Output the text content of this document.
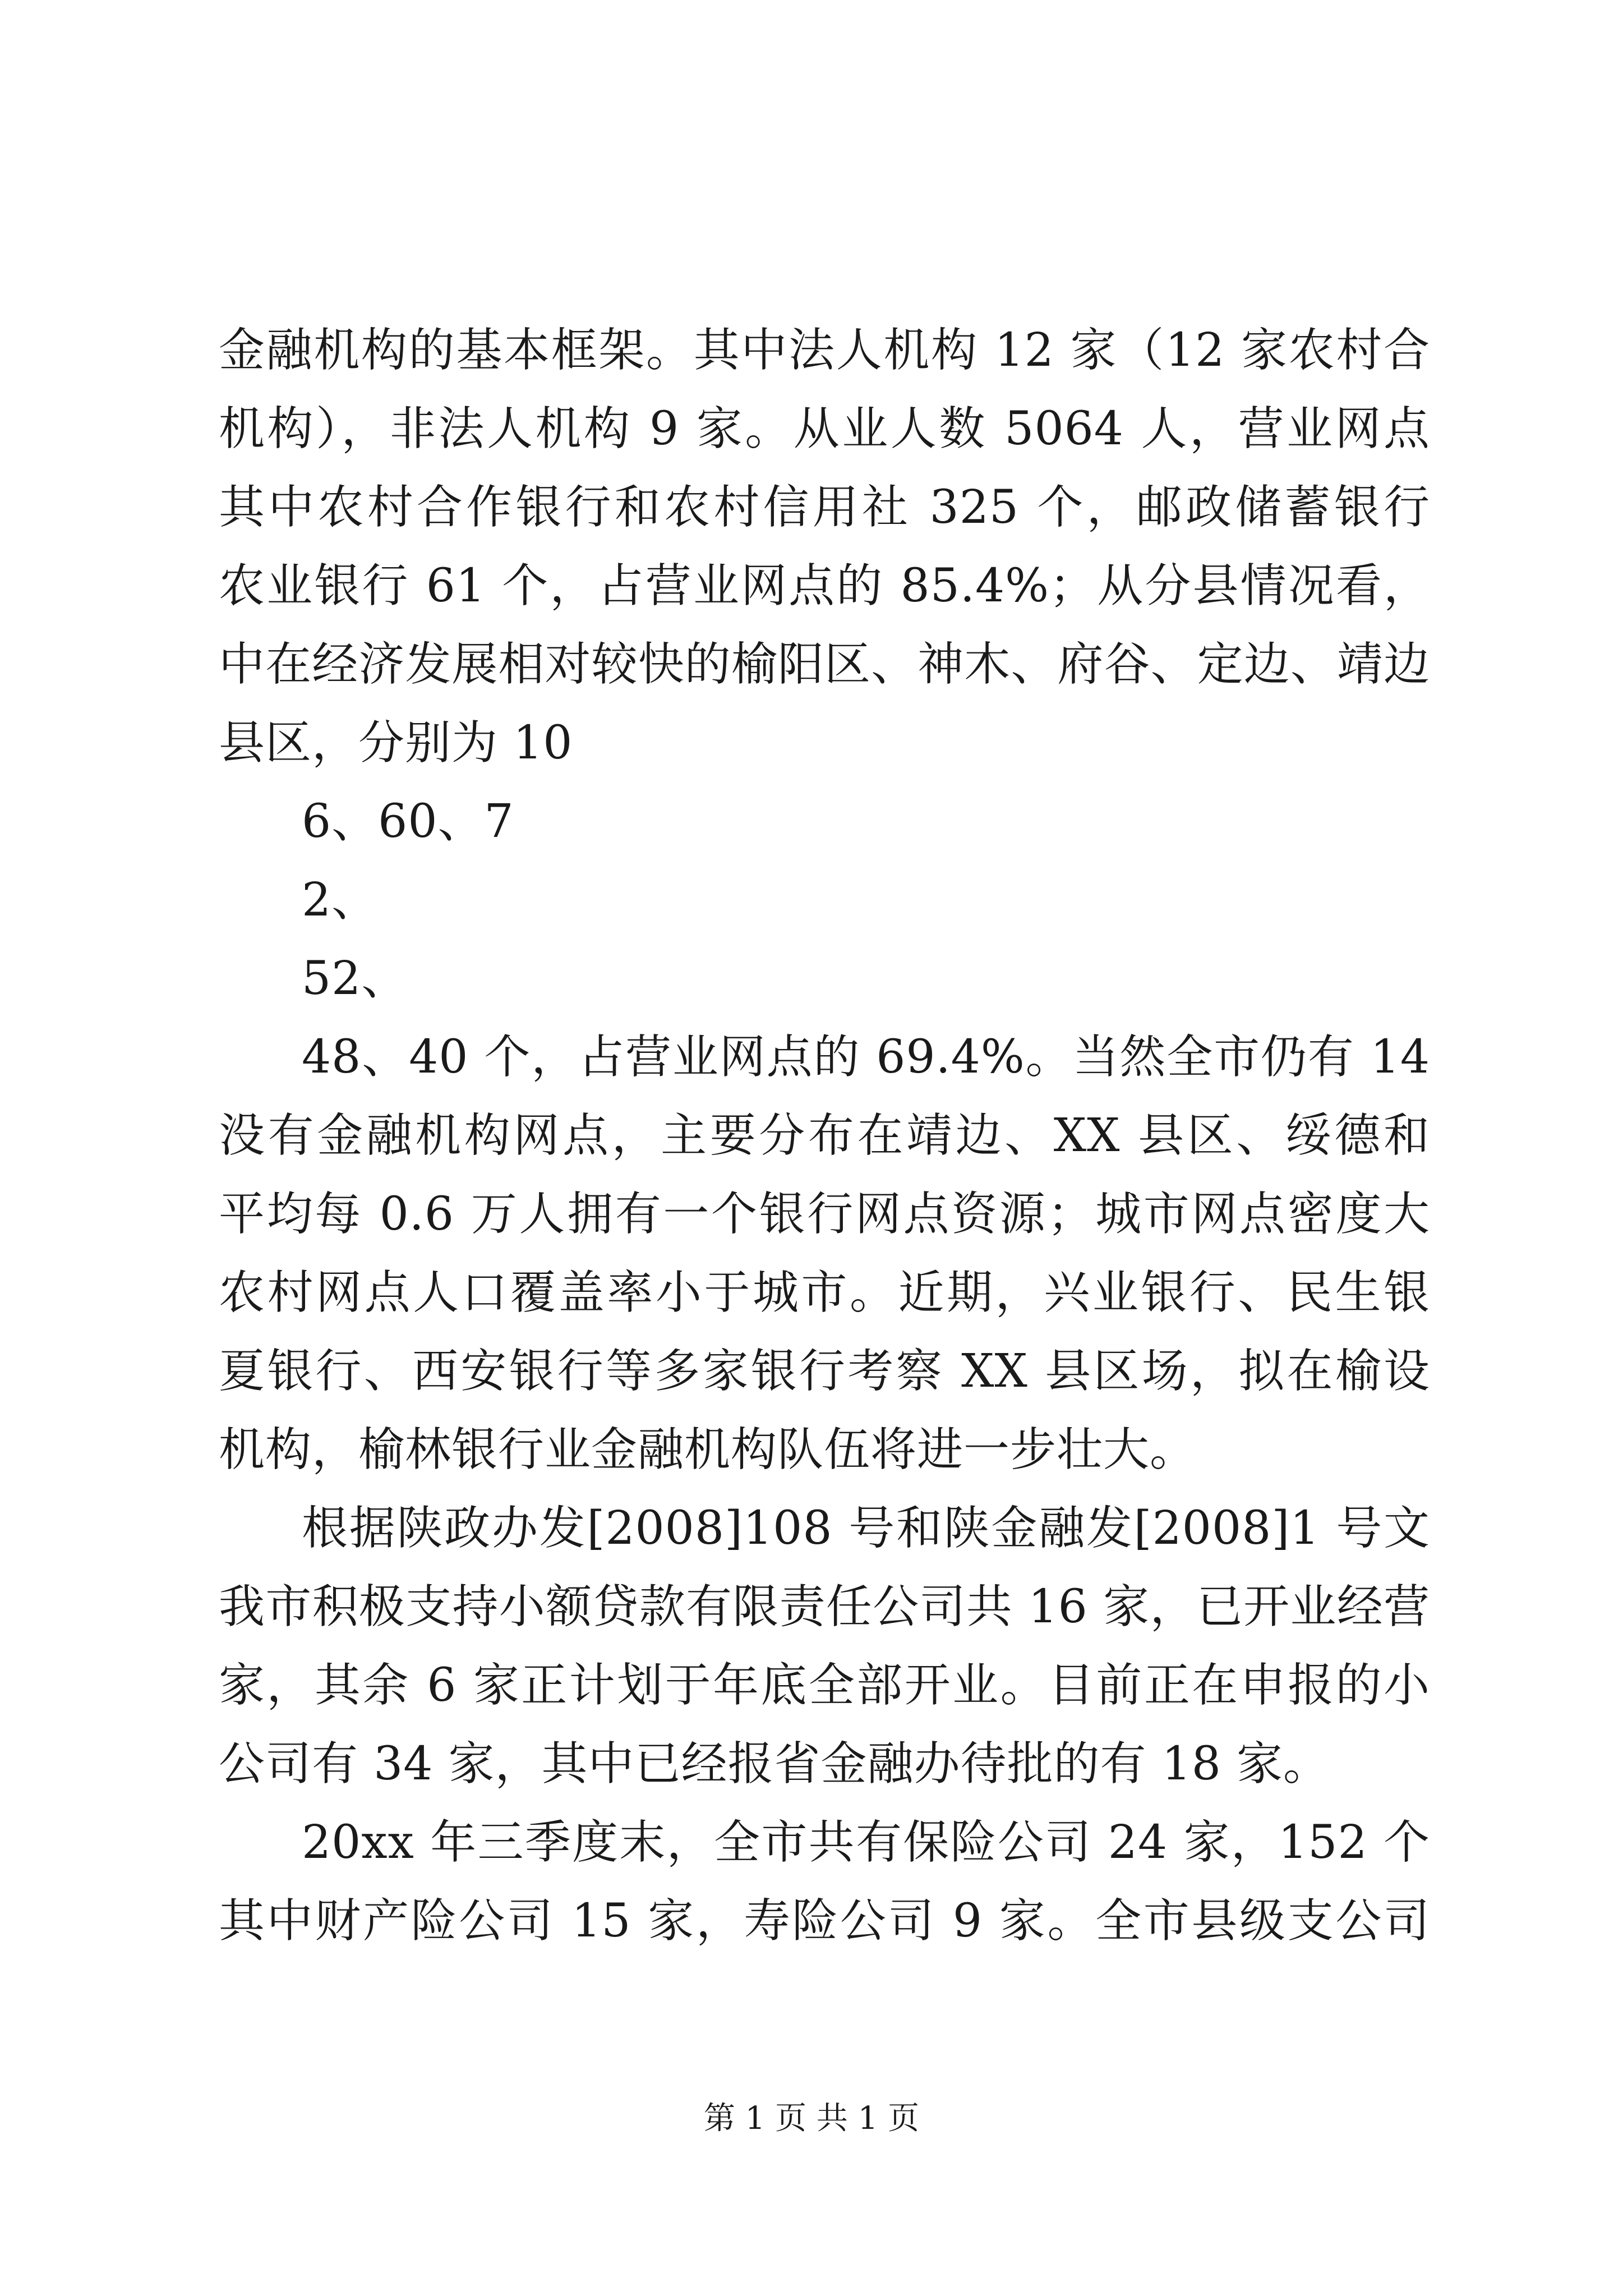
金融机构的基本框架。其中法人机构 12 家（12 家农村合
机构），非法人机构 9 家。从业人数 5064 人，营业网点
其中农村合作银行和农村信用社 325 个，邮政储蓄银行
农业银行 61 个，占营业网点的 85.4%；从分县情况看，
中在经济发展相对较快的榆阳区、神木、府谷、定边、靖边
县区，分别为 10
6、60、7
2、
52、
48、40 个，占营业网点的 69.4%。当然全市仍有 14
没有金融机构网点，主要分布在靖边、XX 县区、绥德和
平均每 0.6 万人拥有一个银行网点资源；城市网点密度大
农村网点人口覆盖率小于城市。近期，兴业银行、民生银
夏银行、西安银行等多家银行考察 XX 县区场，拟在榆设
机构，榆林银行业金融机构队伍将进一步壮大。
根据陕政办发[2008]108 号和陕金融发[2008]1 号文
我市积极支持小额贷款有限责任公司共 16 家，已开业经营
家，其余 6 家正计划于年底全部开业。目前正在申报的小
公司有 34 家，其中已经报省金融办待批的有 18 家。
20xx 年三季度末，全市共有保险公司 24 家，152 个
其中财产险公司 15 家，寿险公司 9 家。全市县级支公司
第 1 页 共 1 页
